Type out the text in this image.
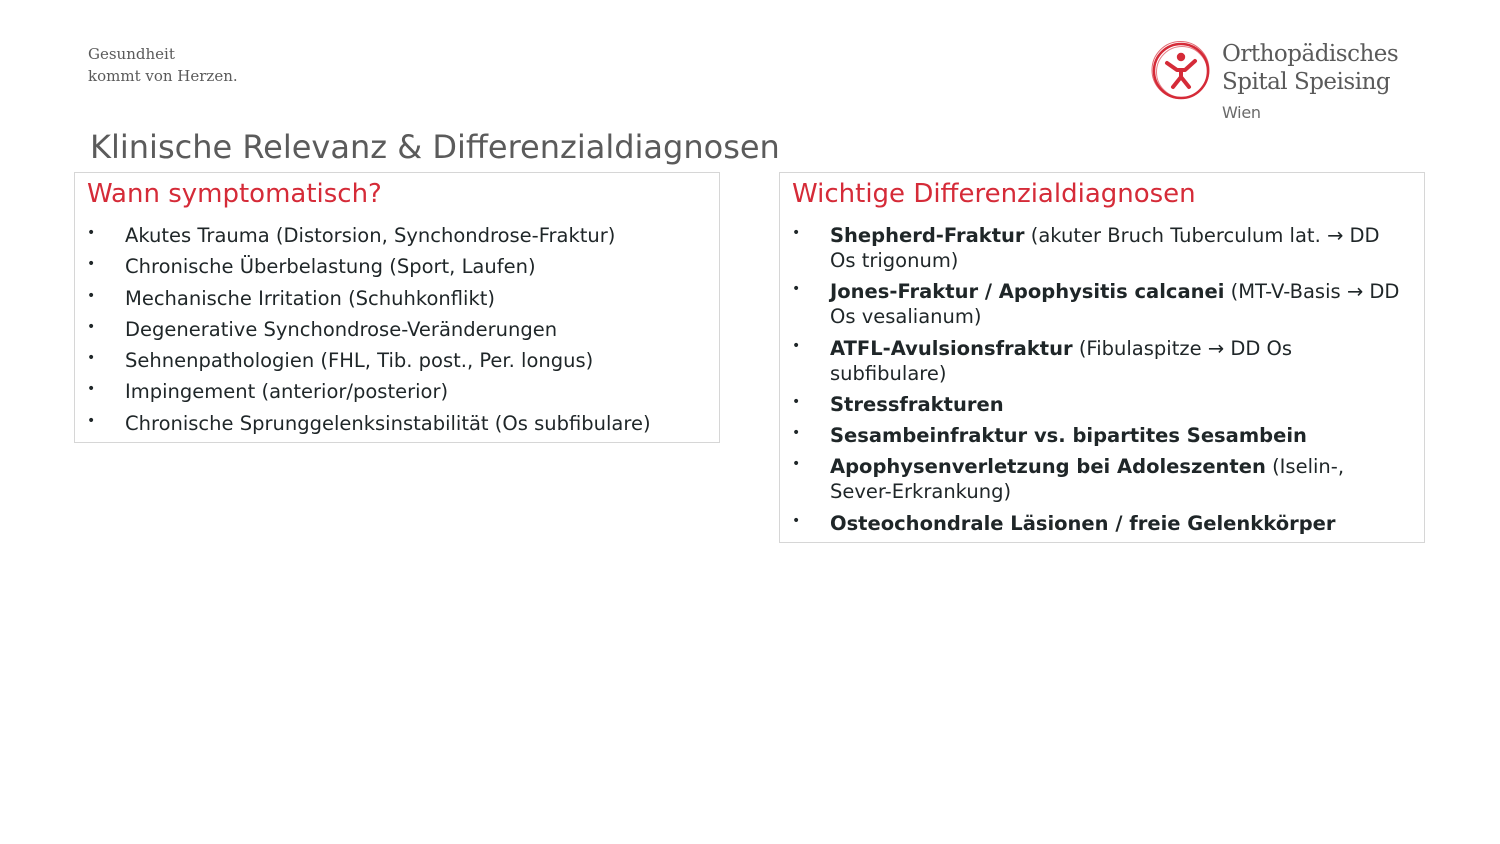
Gesundheit
kommt von Herzen.
Orthopädisches
Spital Speising
Wien
Klinische Relevanz & Differenzialdiagnosen
Wann symptomatisch?
• Akutes Trauma (Distorsion, Synchondrose-Fraktur)
• Chronische Überbelastung (Sport, Laufen)
• Mechanische Irritation (Schuhkonflikt)
• Degenerative Synchondrose-Veränderungen
• Sehnenpathologien (FHL, Tib. post., Per. longus)
• Impingement (anterior/posterior)
• Chronische Sprunggelenksinstabilität (Os subfibulare)
Wichtige Differenzialdiagnosen
• Shepherd-Fraktur (akuter Bruch Tuberculum lat. → DD Os trigonum)
• Jones-Fraktur / Apophysitis calcanei (MT-V-Basis → DD Os vesalianum)
• ATFL-Avulsionsfraktur (Fibulaspitze → DD Os subfibulare)
• Stressfrakturen
• Sesambeinfraktur vs. bipartites Sesambein
• Apophysenverletzung bei Adoleszenten (Iselin-, Sever-Erkrankung)
• Osteochondrale Läsionen / freie Gelenkkörper
